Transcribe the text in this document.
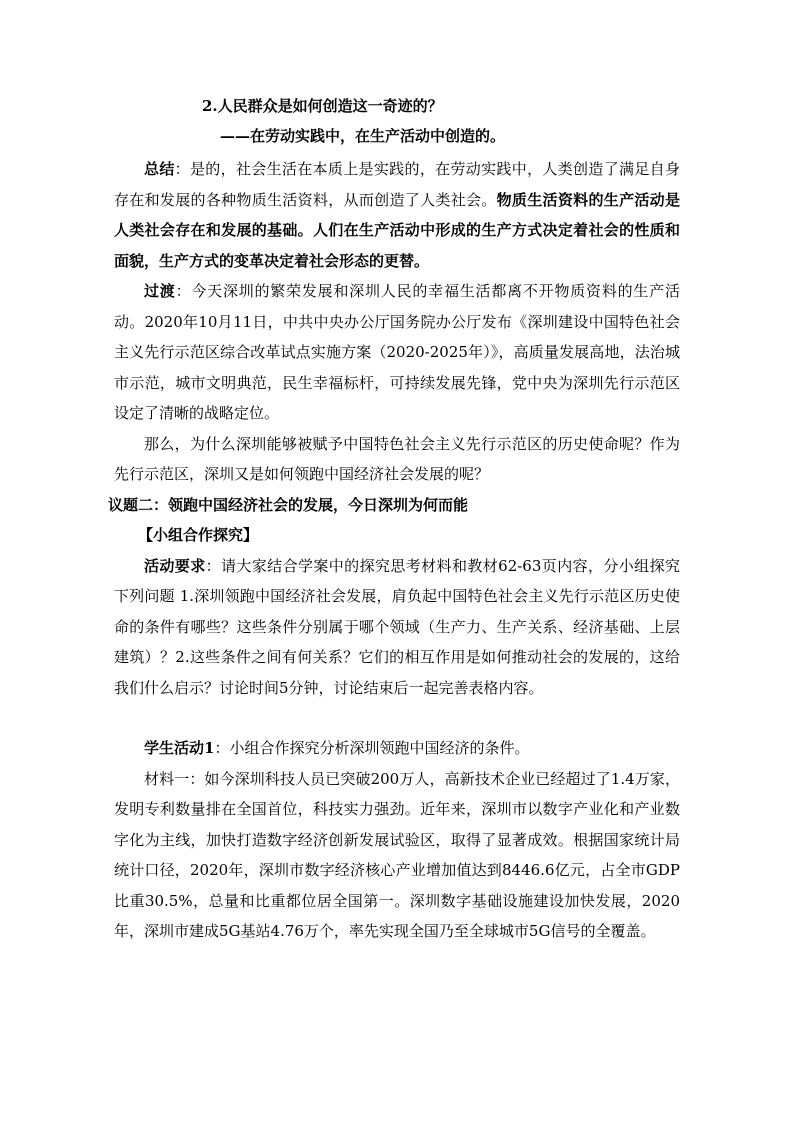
2.人民群众是如何创造这一奇迹的？
——在劳动实践中，在生产活动中创造的。

总结：是的，社会生活在本质上是实践的，在劳动实践中，人类创造了满足自身存在和发展的各种物质生活资料，从而创造了人类社会。物质生活资料的生产活动是人类社会存在和发展的基础。人们在生产活动中形成的生产方式决定着社会的性质和面貌，生产方式的变革决定着社会形态的更替。

过渡：今天深圳的繁荣发展和深圳人民的幸福生活都离不开物质资料的生产活动。2020年10月11日，中共中央办公厅国务院办公厅发布《深圳建设中国特色社会主义先行示范区综合改革试点实施方案（2020-2025年）》，高质量发展高地，法治城市示范，城市文明典范，民生幸福标杆，可持续发展先锋，党中央为深圳先行示范区设定了清晰的战略定位。

那么，为什么深圳能够被赋予中国特色社会主义先行示范区的历史使命呢？作为先行示范区，深圳又是如何领跑中国经济社会发展的呢？

议题二：领跑中国经济社会的发展，今日深圳为何而能
【小组合作探究】

活动要求：请大家结合学案中的探究思考材料和教材62-63页内容，分小组探究下列问题 1.深圳领跑中国经济社会发展，肩负起中国特色社会主义先行示范区历史使命的条件有哪些？这些条件分别属于哪个领域（生产力、生产关系、经济基础、上层建筑）？2.这些条件之间有何关系？它们的相互作用是如何推动社会的发展的，这给我们什么启示？讨论时间5分钟，讨论结束后一起完善表格内容。

学生活动1：小组合作探究分析深圳领跑中国经济的条件。

材料一：如今深圳科技人员已突破200万人，高新技术企业已经超过了1.4万家，发明专利数量排在全国首位，科技实力强劲。近年来，深圳市以数字产业化和产业数字化为主线，加快打造数字经济创新发展试验区，取得了显著成效。根据国家统计局统计口径，2020年，深圳市数字经济核心产业增加值达到8446.6亿元，占全市GDP比重30.5%，总量和比重都位居全国第一。深圳数字基础设施建设加快发展，2020年，深圳市建成5G基站4.76万个，率先实现全国乃至全球城市5G信号的全覆盖。
